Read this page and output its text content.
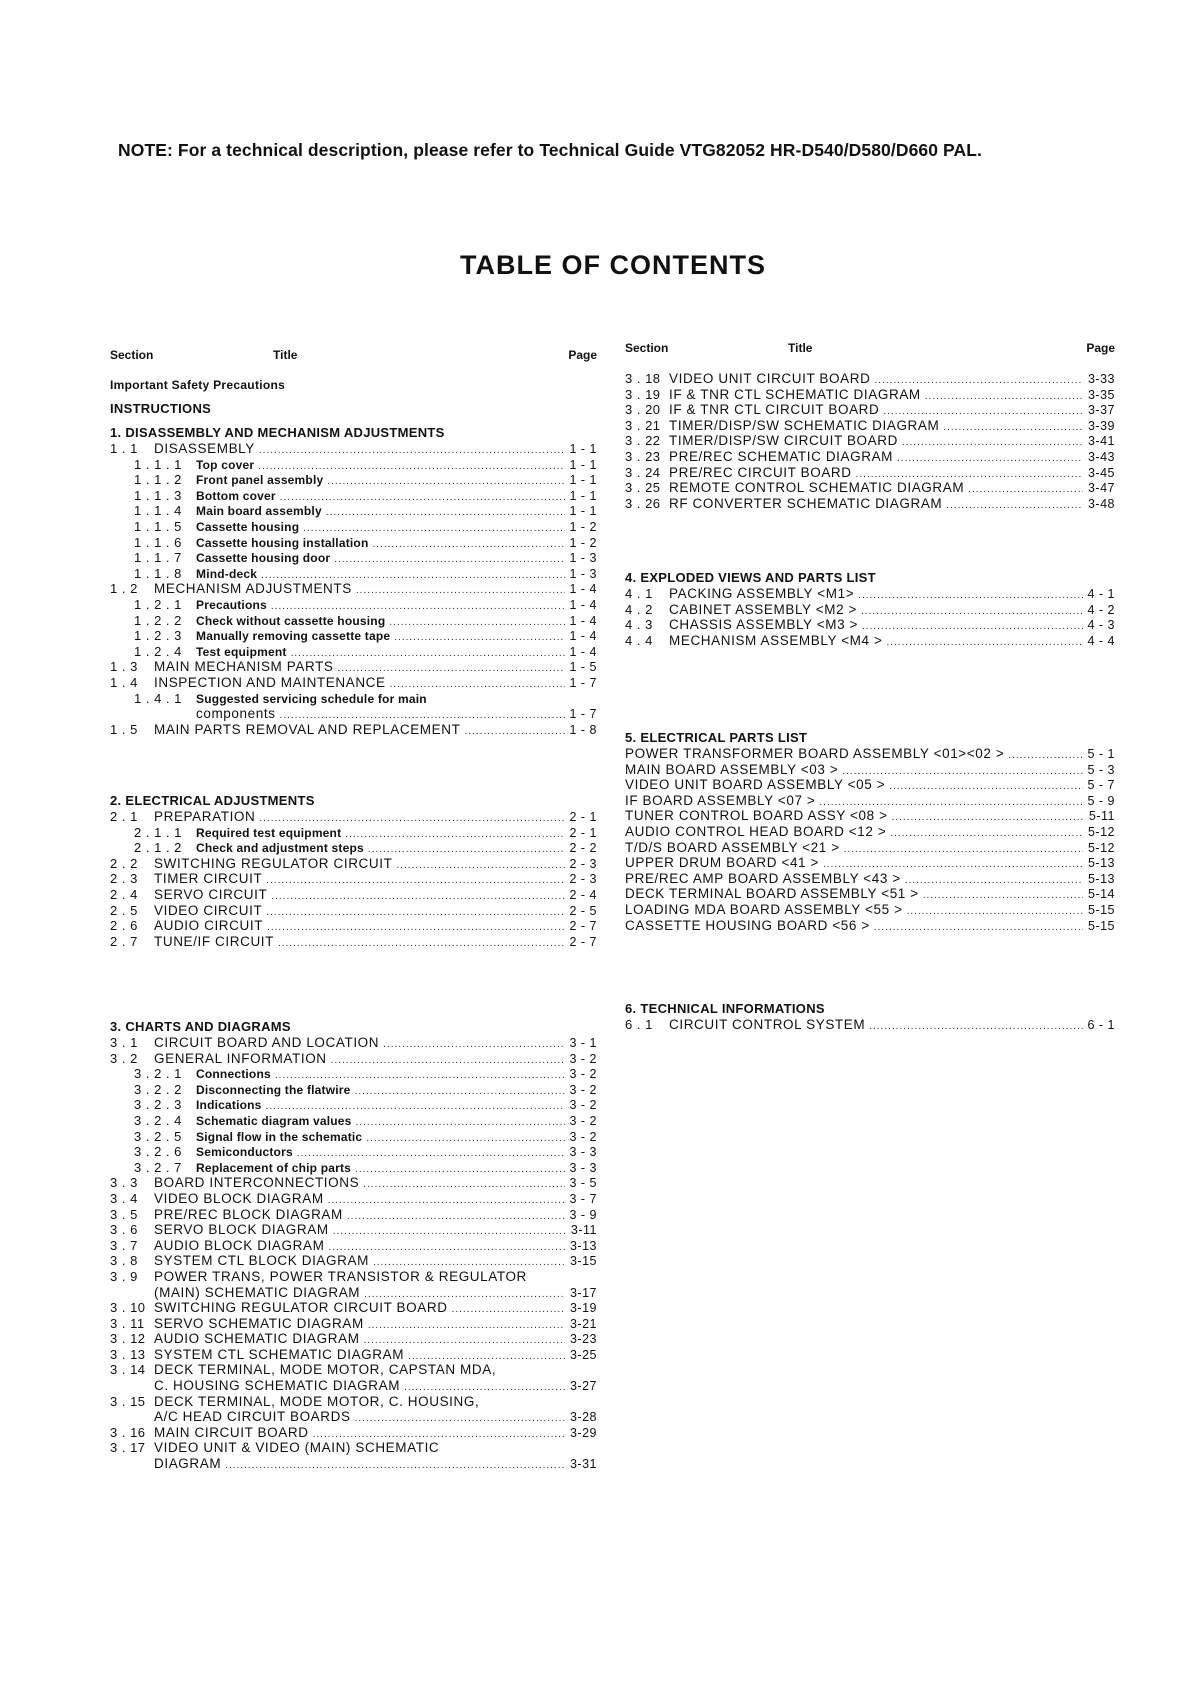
NOTE: For a technical description, please refer to Technical Guide VTG82052 HR-D540/D580/D660 PAL.
TABLE OF CONTENTS
Section	Title	Page
Important Safety Precautions
INSTRUCTIONS
1. DISASSEMBLY AND MECHANISM ADJUSTMENTS
1 . 1	DISASSEMBLY .....	1 - 1
1 . 1 . 1	Top cover .....	1 - 1
1 . 1 . 2	Front panel assembly .....	1 - 1
1 . 1 . 3	Bottom cover .....	1 - 1
1 . 1 . 4	Main board assembly .....	1 - 1
1 . 1 . 5	Cassette housing .....	1 - 2
1 . 1 . 6	Cassette housing installation .....	1 - 2
1 . 1 . 7	Cassette housing door .....	1 - 3
1 . 1 . 8	Mind-deck .....	1 - 3
1 . 2	MECHANISM ADJUSTMENTS .....	1 - 4
1 . 2 . 1	Precautions .....	1 - 4
1 . 2 . 2	Check without cassette housing .....	1 - 4
1 . 2 . 3	Manually removing cassette tape .....	1 - 4
1 . 2 . 4	Test equipment .....	1 - 4
1 . 3	MAIN MECHANISM PARTS .....	1 - 5
1 . 4	INSPECTION AND MAINTENANCE .....	1 - 7
1 . 4 . 1	Suggested servicing schedule for main
components .....	1 - 7
1 . 5	MAIN PARTS REMOVAL AND REPLACEMENT .....	1 - 8
2. ELECTRICAL ADJUSTMENTS
2 . 1	PREPARATION .....	2 - 1
2 . 1 . 1	Required test equipment .....	2 - 1
2 . 1 . 2	Check and adjustment steps .....	2 - 2
2 . 2	SWITCHING REGULATOR CIRCUIT .....	2 - 3
2 . 3	TIMER CIRCUIT .....	2 - 3
2 . 4	SERVO CIRCUIT .....	2 - 4
2 . 5	VIDEO CIRCUIT .....	2 - 5
2 . 6	AUDIO CIRCUIT .....	2 - 7
2 . 7	TUNE/IF CIRCUIT .....	2 - 7
3. CHARTS AND DIAGRAMS
3 . 1	CIRCUIT BOARD AND LOCATION .....	3 - 1
3 . 2	GENERAL INFORMATION .....	3 - 2
3 . 2 . 1	Connections .....	3 - 2
3 . 2 . 2	Disconnecting the flatwire .....	3 - 2
3 . 2 . 3	Indications .....	3 - 2
3 . 2 . 4	Schematic diagram values .....	3 - 2
3 . 2 . 5	Signal flow in the schematic .....	3 - 2
3 . 2 . 6	Semiconductors .....	3 - 3
3 . 2 . 7	Replacement of chip parts .....	3 - 3
3 . 3	BOARD INTERCONNECTIONS .....	3 - 5
3 . 4	VIDEO BLOCK DIAGRAM .....	3 - 7
3 . 5	PRE/REC BLOCK DIAGRAM .....	3 - 9
3 . 6	SERVO BLOCK DIAGRAM .....	3-11
3 . 7	AUDIO BLOCK DIAGRAM .....	3-13
3 . 8	SYSTEM CTL BLOCK DIAGRAM .....	3-15
3 . 9	POWER TRANS, POWER TRANSISTOR & REGULATOR
(MAIN) SCHEMATIC DIAGRAM .....	3-17
3 . 10 SWITCHING REGULATOR CIRCUIT BOARD .....	3-19
3 . 11 SERVO SCHEMATIC DIAGRAM .....	3-21
3 . 12 AUDIO SCHEMATIC DIAGRAM .....	3-23
3 . 13 SYSTEM CTL SCHEMATIC DIAGRAM .....	3-25
3 . 14 DECK TERMINAL, MODE MOTOR, CAPSTAN MDA,
C. HOUSING SCHEMATIC DIAGRAM .....	3-27
3 . 15 DECK TERMINAL, MODE MOTOR, C. HOUSING,
A/C HEAD CIRCUIT BOARDS .....	3-28
3 . 16 MAIN CIRCUIT BOARD .....	3-29
3 . 17 VIDEO UNIT & VIDEO (MAIN) SCHEMATIC
DIAGRAM .....	3-31
Section	Title	Page
3 . 18 VIDEO UNIT CIRCUIT BOARD .....	3-33
3 . 19 IF & TNR CTL SCHEMATIC DIAGRAM .....	3-35
3 . 20 IF & TNR CTL CIRCUIT BOARD .....	3-37
3 . 21 TIMER/DISP/SW SCHEMATIC DIAGRAM .....	3-39
3 . 22 TIMER/DISP/SW CIRCUIT BOARD .....	3-41
3 . 23 PRE/REC SCHEMATIC DIAGRAM .....	3-43
3 . 24 PRE/REC CIRCUIT BOARD .....	3-45
3 . 25 REMOTE CONTROL SCHEMATIC DIAGRAM .....	3-47
3 . 26 RF CONVERTER SCHEMATIC DIAGRAM .....	3-48
4. EXPLODED VIEWS AND PARTS LIST
4 . 1	PACKING ASSEMBLY <M1> .....	4 - 1
4 . 2	CABINET ASSEMBLY <M2 > .....	4 - 2
4 . 3	CHASSIS ASSEMBLY <M3 > .....	4 - 3
4 . 4	MECHANISM ASSEMBLY <M4 > .....	4 - 4
5. ELECTRICAL PARTS LIST
POWER TRANSFORMER BOARD ASSEMBLY <01><02 > .....	5 - 1
MAIN BOARD ASSEMBLY <03 > .....	5 - 3
VIDEO UNIT BOARD ASSEMBLY <05 > .....	5 - 7
IF BOARD ASSEMBLY <07 > .....	5 - 9
TUNER CONTROL BOARD ASSY <08 > .....	5-11
AUDIO CONTROL HEAD BOARD <12 > .....	5-12
T/D/S BOARD ASSEMBLY <21 > .....	5-12
UPPER DRUM BOARD <41 > .....	5-13
PRE/REC AMP BOARD ASSEMBLY <43 > .....	5-13
DECK TERMINAL BOARD ASSEMBLY <51 > .....	5-14
LOADING MDA BOARD ASSEMBLY <55 > .....	5-15
CASSETTE HOUSING BOARD <56 > .....	5-15
6. TECHNICAL INFORMATIONS
6 . 1	CIRCUIT CONTROL SYSTEM .....	6 - 1
